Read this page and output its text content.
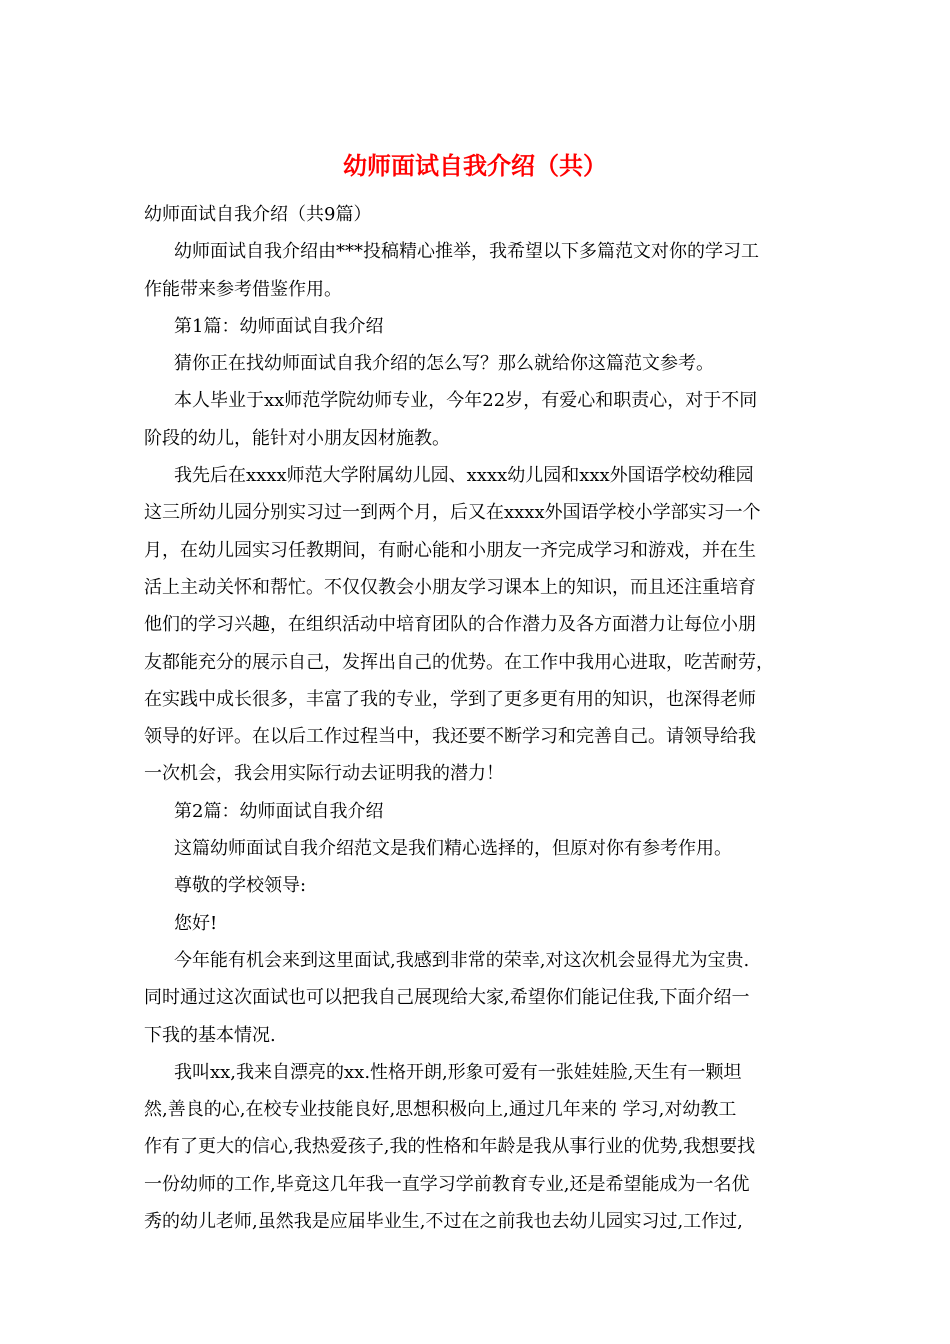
幼师面试自我介绍（共）

幼师面试自我介绍（共9篇）

幼师面试自我介绍由***投稿精心推举，我希望以下多篇范文对你的学习工

作能带来参考借鉴作用。

第1篇：幼师面试自我介绍

猜你正在找幼师面试自我介绍的怎么写？那么就给你这篇范文参考。

本人毕业于xx师范学院幼师专业，今年22岁，有爱心和职责心，对于不同

阶段的幼儿，能针对小朋友因材施教。

我先后在xxxx师范大学附属幼儿园、xxxx幼儿园和xxx外国语学校幼稚园

这三所幼儿园分别实习过一到两个月，后又在xxxx外国语学校小学部实习一个

月，在幼儿园实习任教期间，有耐心能和小朋友一齐完成学习和游戏，并在生

活上主动关怀和帮忙。不仅仅教会小朋友学习课本上的知识，而且还注重培育

他们的学习兴趣，在组织活动中培育团队的合作潜力及各方面潜力让每位小朋

友都能充分的展示自己，发挥出自己的优势。在工作中我用心进取，吃苦耐劳，

在实践中成长很多，丰富了我的专业，学到了更多更有用的知识，也深得老师

领导的好评。在以后工作过程当中，我还要不断学习和完善自己。请领导给我

一次机会，我会用实际行动去证明我的潜力！

第2篇：幼师面试自我介绍

这篇幼师面试自我介绍范文是我们精心选择的，但原对你有参考作用。

尊敬的学校领导:

您好!

今年能有机会来到这里面试,我感到非常的荣幸,对这次机会显得尤为宝贵.

同时通过这次面试也可以把我自己展现给大家,希望你们能记住我,下面介绍一

下我的基本情况.

我叫xx,我来自漂亮的xx.性格开朗,形象可爱有一张娃娃脸,天生有一颗坦

然,善良的心,在校专业技能良好,思想积极向上,通过几年来的 学习,对幼教工

作有了更大的信心,我热爱孩子,我的性格和年龄是我从事行业的优势,我想要找

一份幼师的工作,毕竟这几年我一直学习学前教育专业,还是希望能成为一名优

秀的幼儿老师,虽然我是应届毕业生,不过在之前我也去幼儿园实习过,工作过,
